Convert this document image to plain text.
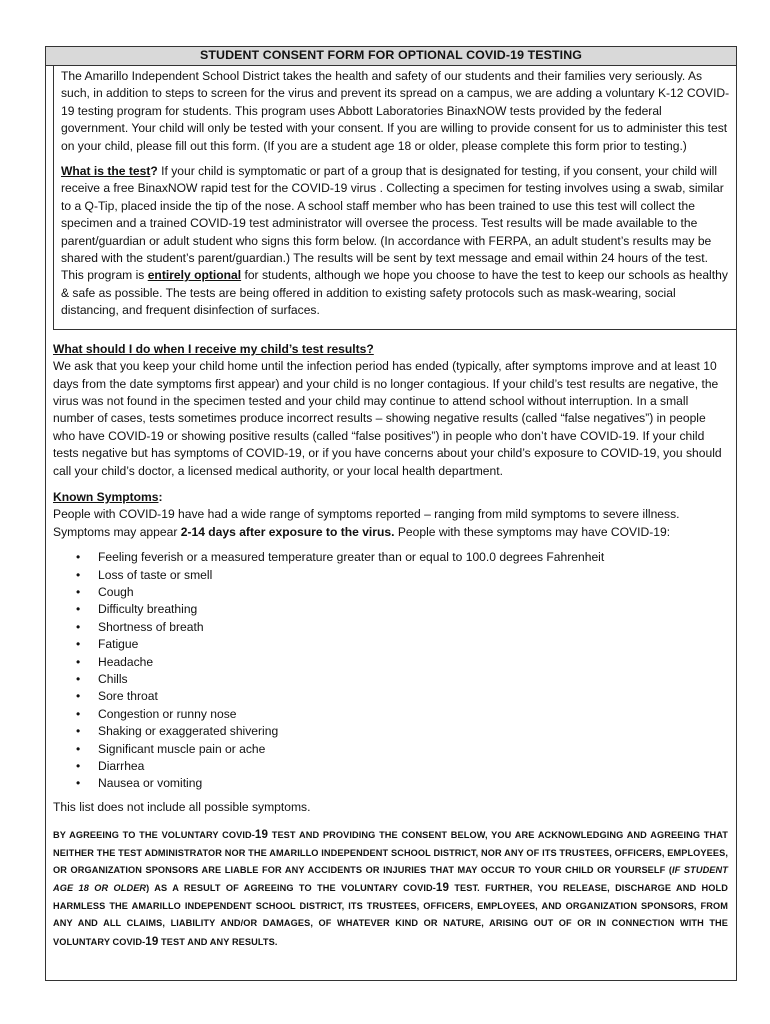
STUDENT CONSENT FORM FOR OPTIONAL COVID-19 TESTING

The Amarillo Independent School District takes the health and safety of our students and their families very seriously. As such, in addition to steps to screen for the virus and prevent its spread on a campus, we are adding a voluntary K-12 COVID-19 testing program for students. This program uses Abbott Laboratories BinaxNOW tests provided by the federal government. Your child will only be tested with your consent. If you are willing to provide consent for us to administer this test on your child, please fill out this form. (If you are a student age 18 or older, please complete this form prior to testing.)

What is the test? If your child is symptomatic or part of a group that is designated for testing, if you consent, your child will receive a free BinaxNOW rapid test for the COVID-19 virus . Collecting a specimen for testing involves using a swab, similar to a Q-Tip, placed inside the tip of the nose. A school staff member who has been trained to use this test will collect the specimen and a trained COVID-19 test administrator will oversee the process. Test results will be made available to the parent/guardian or adult student who signs this form below. (In accordance with FERPA, an adult student’s results may be shared with the student’s parent/guardian.) The results will be sent by text message and email within 24 hours of the test. This program is entirely optional for students, although we hope you choose to have the test to keep our schools as healthy & safe as possible. The tests are being offered in addition to existing safety protocols such as mask-wearing, social distancing, and frequent disinfection of surfaces.

What should I do when I receive my child’s test results?

We ask that you keep your child home until the infection period has ended (typically, after symptoms improve and at least 10 days from the date symptoms first appear) and your child is no longer contagious. If your child’s test results are negative, the virus was not found in the specimen tested and your child may continue to attend school without interruption. In a small number of cases, tests sometimes produce incorrect results – showing negative results (called “false negatives”) in people who have COVID-19 or showing positive results (called “false positives”) in people who don’t have COVID-19. If your child tests negative but has symptoms of COVID-19, or if you have concerns about your child’s exposure to COVID-19, you should call your child’s doctor, a licensed medical authority, or your local health department.

Known Symptoms:

People with COVID-19 have had a wide range of symptoms reported – ranging from mild symptoms to severe illness. Symptoms may appear 2-14 days after exposure to the virus. People with these symptoms may have COVID-19:

• Feeling feverish or a measured temperature greater than or equal to 100.0 degrees Fahrenheit
• Loss of taste or smell
• Cough
• Difficulty breathing
• Shortness of breath
• Fatigue
• Headache
• Chills
• Sore throat
• Congestion or runny nose
• Shaking or exaggerated shivering
• Significant muscle pain or ache
• Diarrhea
• Nausea or vomiting

This list does not include all possible symptoms.

BY AGREEING TO THE VOLUNTARY COVID-19 TEST AND PROVIDING THE CONSENT BELOW, YOU ARE ACKNOWLEDGING AND AGREEING THAT NEITHER THE TEST ADMINISTRATOR NOR THE AMARILLO INDEPENDENT SCHOOL DISTRICT, NOR ANY OF ITS TRUSTEES, OFFICERS, EMPLOYEES, OR ORGANIZATION SPONSORS ARE LIABLE FOR ANY ACCIDENTS OR INJURIES THAT MAY OCCUR TO YOUR CHILD OR YOURSELF (IF STUDENT AGE 18 OR OLDER) AS A RESULT OF AGREEING TO THE VOLUNTARY COVID-19 TEST. FURTHER, YOU RELEASE, DISCHARGE AND HOLD HARMLESS THE AMARILLO INDEPENDENT SCHOOL DISTRICT, ITS TRUSTEES, OFFICERS, EMPLOYEES, AND ORGANIZATION SPONSORS, FROM ANY AND ALL CLAIMS, LIABILITY AND/OR DAMAGES, OF WHATEVER KIND OR NATURE, ARISING OUT OF OR IN CONNECTION WITH THE VOLUNTARY COVID-19 TEST AND ANY RESULTS.
